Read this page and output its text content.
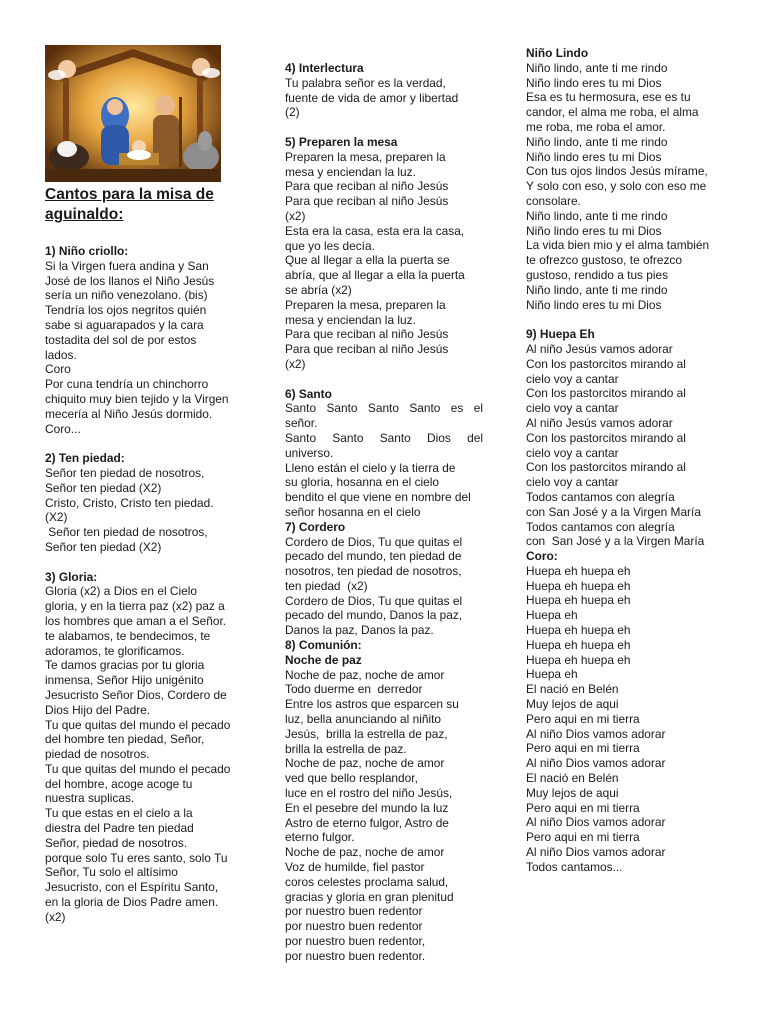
Cantos para la misa de
aguinaldo:
1) Niño criollo:
Si la Virgen fuera andina y San
José de los llanos el Niño Jesús
sería un niño venezolano. (bis)
Tendría los ojos negritos quién
sabe si aguarapados y la cara
tostadita del sol de por estos
lados.
Coro
Por cuna tendría un chinchorro
chiquito muy bien tejido y la Virgen
mecería al Niño Jesús dormido.
Coro...
2) Ten piedad:
Señor ten piedad de nosotros,
Señor ten piedad (X2)
Cristo, Cristo, Cristo ten piedad.
(X2)
Señor ten piedad de nosotros,
Señor ten piedad (X2)
3) Gloria:
Gloria (x2) a Dios en el Cielo
gloria, y en la tierra paz (x2) paz a
los hombres que aman a el Señor.
te alabamos, te bendecimos, te
adoramos, te glorificamos.
Te damos gracias por tu gloria
inmensa, Señor Hijo unigénito
Jesucristo Señor Dios, Cordero de
Dios Hijo del Padre.
Tu que quitas del mundo el pecado
del hombre ten piedad, Señor,
piedad de nosotros.
Tu que quitas del mundo el pecado
del hombre, acoge acoge tu
nuestra suplicas.
Tu que estas en el cielo a la
diestra del Padre ten piedad
Señor, piedad de nosotros.
porque solo Tu eres santo, solo Tu
Señor, Tu solo el altísimo
Jesucristo, con el Espíritu Santo,
en la gloria de Dios Padre amen.
(x2)
4) Interlectura
Tu palabra señor es la verdad,
fuente de vida de amor y libertad
(2)
5) Preparen la mesa
Preparen la mesa, preparen la
mesa y enciendan la luz.
Para que reciban al niño Jesús
Para que reciban al niño Jesús
(x2)
Esta era la casa, esta era la casa,
que yo les decía.
Que al llegar a ella la puerta se
abría, que al llegar a ella la puerta
se abría (x2)
Preparen la mesa, preparen la
mesa y enciendan la luz.
Para que reciban al niño Jesús
Para que reciban al niño Jesús
(x2)
6) Santo
Santo Santo Santo Santo es el
señor.
Santo Santo Santo Dios del
universo.
Lleno están el cielo y la tierra de
su gloria, hosanna en el cielo
bendito el que viene en nombre del
señor hosanna en el cielo
7) Cordero
Cordero de Dios, Tu que quitas el
pecado del mundo, ten piedad de
nosotros, ten piedad de nosotros,
ten piedad  (x2)
Cordero de Dios, Tu que quitas el
pecado del mundo, Danos la paz,
Danos la paz, Danos la paz.
8) Comunión:
Noche de paz
Noche de paz, noche de amor
Todo duerme en  derredor
Entre los astros que esparcen su
luz, bella anunciando al niñito
Jesús,  brilla la estrella de paz,
brilla la estrella de paz.
Noche de paz, noche de amor
ved que bello resplandor,
luce en el rostro del niño Jesús,
En el pesebre del mundo la luz
Astro de eterno fulgor, Astro de
eterno fulgor.
Noche de paz, noche de amor
Voz de humilde, fiel pastor
coros celestes proclama salud,
gracias y gloria en gran plenitud
por nuestro buen redentor
por nuestro buen redentor
por nuestro buen redentor,
por nuestro buen redentor.
Niño Lindo
Niño lindo, ante ti me rindo
Niño lindo eres tu mi Dios
Esa es tu hermosura, ese es tu
candor, el alma me roba, el alma
me roba, me roba el amor.
Niño lindo, ante ti me rindo
Niño lindo eres tu mi Dios
Con tus ojos lindos Jesús mírame,
Y solo con eso, y solo con eso me
consolare.
Niño lindo, ante ti me rindo
Niño lindo eres tu mi Dios
La vida bien mio y el alma también
te ofrezco gustoso, te ofrezco
gustoso, rendido a tus pies
Niño lindo, ante ti me rindo
Niño lindo eres tu mi Dios
9) Huepa Eh
Al niño Jesús vamos adorar
Con los pastorcitos mirando al
cielo voy a cantar
Con los pastorcitos mirando al
cielo voy a cantar
Al niño Jesús vamos adorar
Con los pastorcitos mirando al
cielo voy a cantar
Con los pastorcitos mirando al
cielo voy a cantar
Todos cantamos con alegría
con San José y a la Virgen María
Todos cantamos con alegría
con  San José y a la Virgen María
Coro:
Huepa eh huepa eh
Huepa eh huepa eh
Huepa eh huepa eh
Huepa eh
Huepa eh huepa eh
Huepa eh huepa eh
Huepa eh huepa eh
Huepa eh
El nació en Belén
Muy lejos de aqui
Pero aqui en mi tierra
Al niño Dios vamos adorar
Pero aqui en mi tierra
Al niño Dios vamos adorar
El nació en Belén
Muy lejos de aqui
Pero aqui en mi tierra
Al niño Dios vamos adorar
Pero aqui en mi tierra
Al niño Dios vamos adorar
Todos cantamos...
